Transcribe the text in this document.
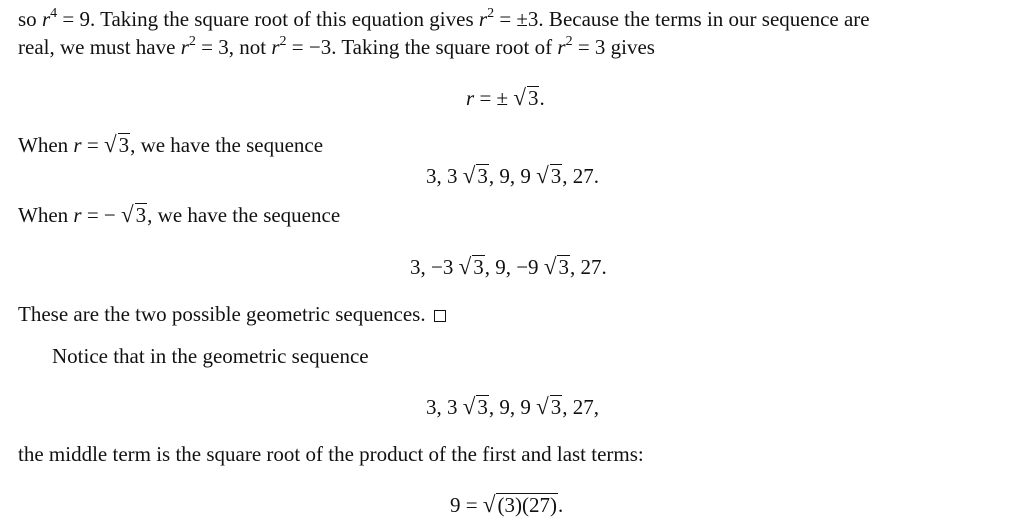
so $r^4 = 9$. Taking the square root of this equation gives $r^2 = \pm 3$. Because the terms in our sequence are
real, we must have $r^2 = 3$, not $r^2 = -3$. Taking the square root of $r^2 = 3$ gives
r = ± √ 3 .
When r = √ 3 , we have the sequence
3, 3 √ 3 , 9, 9 √ 3 , 27.
When r = − √ 3 , we have the sequence
3, −3 √ 3 , 9, −9 √ 3 , 27.
These are the two possible geometric sequences.
Notice that in the geometric sequence
3, 3 √ 3 , 9, 9 √ 3 , 27,
the middle term is the square root of the product of the first and last terms:
9 = √ (3)(27) .
